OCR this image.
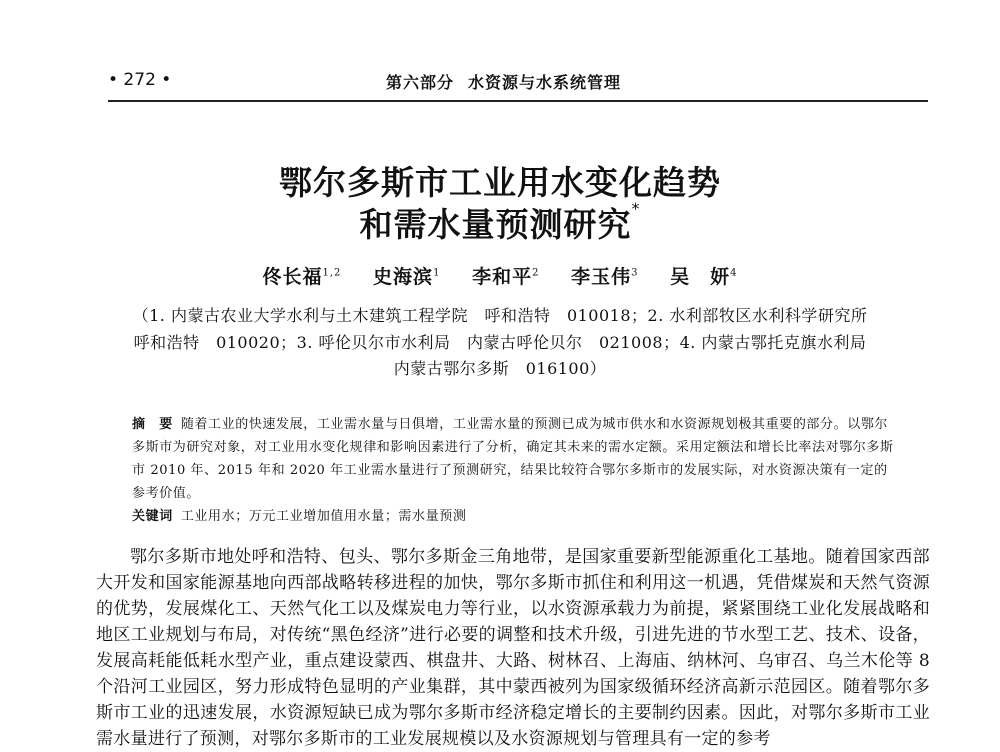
• 272 •	第六部分 水资源与水系统管理
鄂尔多斯市工业用水变化趋势
和需水量预测研究*
佟长福$^{1,2}$ 史海滨$^1$ 李和平$^2$ 李玉伟$^3$ 吴　妍$^4$
（1. 内蒙古农业大学水利与土木建筑工程学院　呼和浩特　010018；2. 水利部牧区水利科学研究所
呼和浩特　010020；3. 呼伦贝尔市水利局　内蒙古呼伦贝尔　021008；4. 内蒙古鄂托克旗水利局
内蒙古鄂尔多斯　016100）
摘　要 随着工业的快速发展，工业需水量与日俱增，工业需水量的预测已成为城市供水和水资源规划极其重要的部分。以鄂尔多斯市为研究对象，对工业用水变化规律和影响因素进行了分析，确定其未来的需水定额。采用定额法和增长比率法对鄂尔多斯市 2010 年、2015 年和 2020 年工业需水量进行了预测研究，结果比较符合鄂尔多斯市的发展实际，对水资源决策有一定的参考价值。
关键词 工业用水；万元工业增加值用水量；需水量预测
鄂尔多斯市地处呼和浩特、包头、鄂尔多斯金三角地带，是国家重要新型能源重化工基地。随着国家西部大开发和国家能源基地向西部战略转移进程的加快，鄂尔多斯市抓住和利用这一机遇，凭借煤炭和天然气资源的优势，发展煤化工、天然气化工以及煤炭电力等行业，以水资源承载力为前提，紧紧围绕工业化发展战略和地区工业规划与布局，对传统“黑色经济”进行必要的调整和技术升级，引进先进的节水型工艺、技术、设备，发展高耗能低耗水型产业，重点建设蒙西、棋盘井、大路、树林召、上海庙、纳林河、乌审召、乌兰木伦等 8 个沿河工业园区，努力形成特色显明的产业集群，其中蒙西被列为国家级循环经济高新示范园区。随着鄂尔多斯市工业的迅速发展，水资源短缺已成为鄂尔多斯市经济稳定增长的主要制约因素。因此，对鄂尔多斯市工业需水量进行了预测，对鄂尔多斯市的工业发展规模以及水资源规划与管理具有一定的参考
